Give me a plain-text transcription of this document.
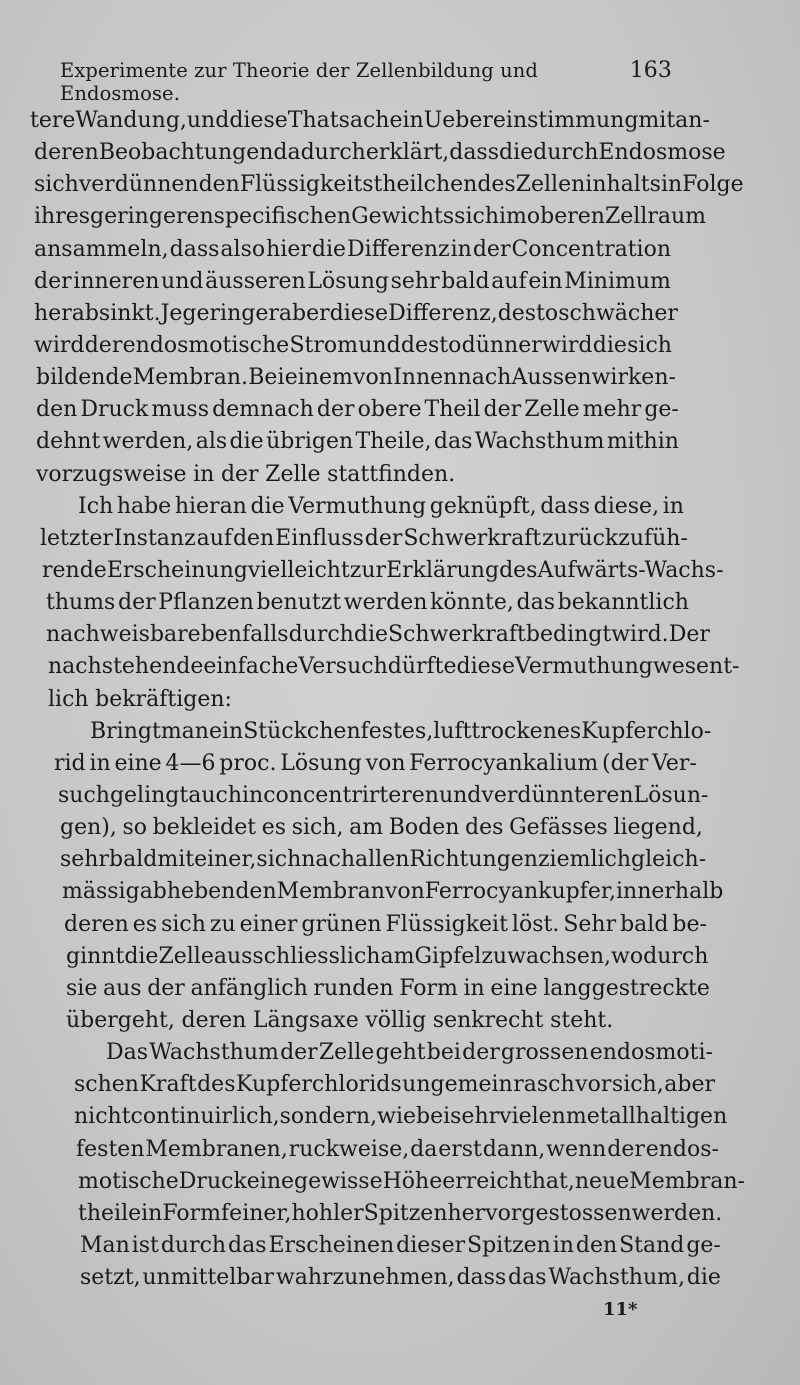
Experimente zur Theorie der Zellenbildung und Endosmose.
163
tere Wandung, und diese Thatsache in Uebereinstimmung mit an-
deren Beobachtungen dadurch erklärt, dass die durch Endosmose
sich verdünnenden Flüssigkeitstheilchen des Zelleninhalts in Folge
ihres geringeren specifischen Gewichts sich im oberen Zellraum
ansammeln, dass also hier die Differenz in der Concentration
der inneren und äusseren Lösung sehr bald auf ein Minimum
herabsinkt. Je geringer aber diese Differenz, desto schwächer
wird der endosmotische Strom und desto dünner wird die sich
bildende Membran. Bei einem von Innen nach Aussen wirken-
den Druck muss demnach der obere Theil der Zelle mehr ge-
dehnt werden, als die übrigen Theile, das Wachsthum mithin
vorzugsweise in der Zelle stattfinden.
Ich habe hieran die Vermuthung geknüpft, dass diese, in
letzter Instanz auf den Einfluss der Schwerkraft zurückzufüh-
rende Erscheinung vielleicht zur Erklärung des Aufwärts-Wachs-
thums der Pflanzen benutzt werden könnte, das bekanntlich
nachweisbar ebenfalls durch die Schwerkraft bedingt wird. Der
nachstehende einfache Versuch dürfte diese Vermuthung wesent-
lich bekräftigen:
Bringt man ein Stückchen festes, lufttrockenes Kupferchlo-
rid in eine 4—6 proc. Lösung von Ferrocyankalium (der Ver-
such gelingt auch in concentrirteren und verdünnteren Lösun-
gen), so bekleidet es sich, am Boden des Gefässes liegend,
sehr bald mit einer, sich nach allen Richtungen ziemlich gleich-
mässig abhebenden Membran von Ferrocyankupfer, innerhalb
deren es sich zu einer grünen Flüssigkeit löst. Sehr bald be-
ginnt die Zelle ausschliesslich am Gipfel zu wachsen, wodurch
sie aus der anfänglich runden Form in eine langgestreckte
übergeht, deren Längsaxe völlig senkrecht steht.
Das Wachsthum der Zelle geht bei der grossen endosmoti-
schen Kraft des Kupferchlorids ungemein rasch vor sich, aber
nicht continuirlich, sondern, wie bei sehr vielen metallhaltigen
festen Membranen, ruckweise, da erst dann, wenn der endos-
motische Druck eine gewisse Höhe erreicht hat, neue Membran-
theile in Form feiner, hohler Spitzen hervorgestossen werden.
Man ist durch das Erscheinen dieser Spitzen in den Stand ge-
setzt, unmittelbar wahrzunehmen, dass das Wachsthum, die
11*
